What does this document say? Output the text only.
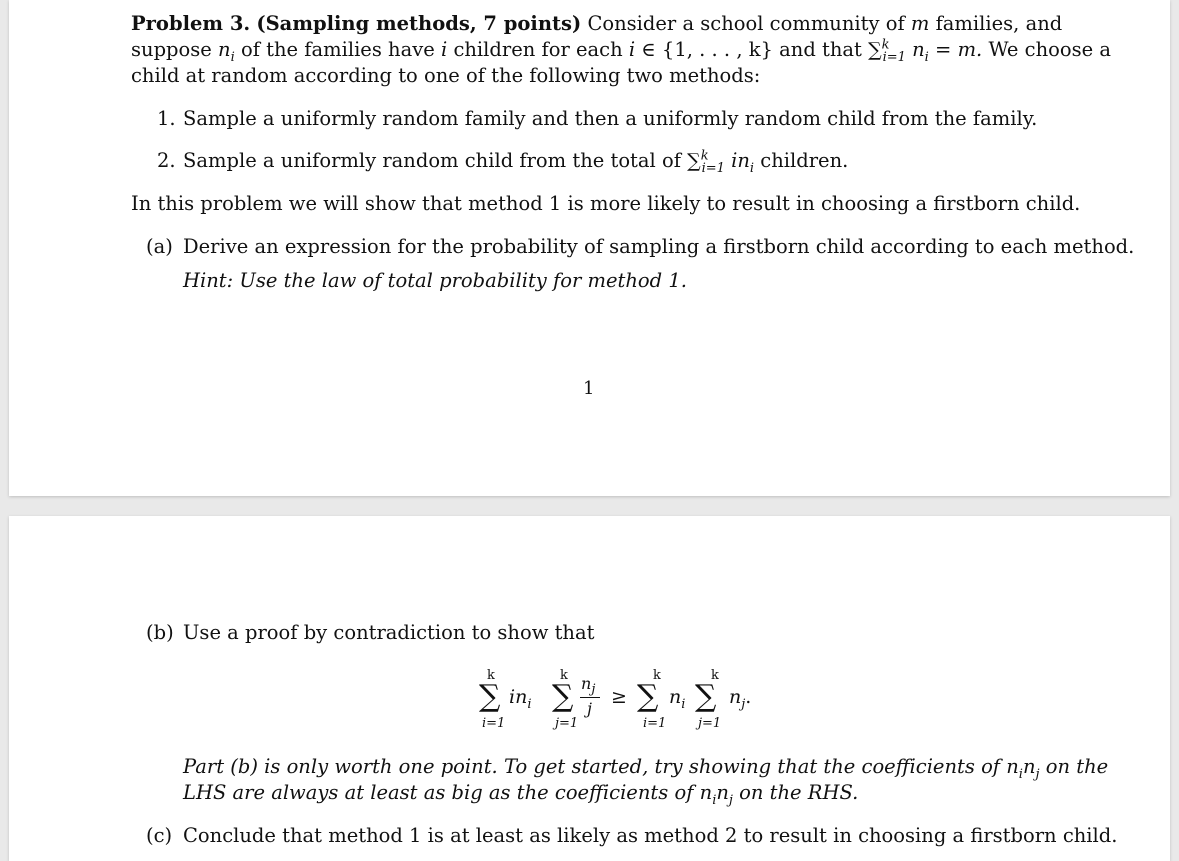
Problem 3. (Sampling methods, 7 points) Consider a school community of m families, and
suppose $n_i$ of the families have i children for each i ∈ {1, . . . , k} and that ∑$^k_{i=1}$ $n_i = m$. We choose a
child at random according to one of the following two methods:
1. Sample a uniformly random family and then a uniformly random child from the family.
2. Sample a uniformly random child from the total of ∑$^k_{i=1}$ $in_i$ children.
In this problem we will show that method 1 is more likely to result in choosing a firstborn child.
(a) Derive an expression for the probability of sampling a firstborn child according to each method.
Hint: Use the law of total probability for method 1.
1
(b) Use a proof by contradiction to show that
k
∑
i=1
$in_i$
k
∑
j=1
$n_j$
j
≥
k
∑
i=1
$n_i$
k
∑
j=1
$n_j$.
Part (b) is only worth one point. To get started, try showing that the coefficients of $n_in_j$ on the
LHS are always at least as big as the coefficients of $n_in_j$ on the RHS.
(c) Conclude that method 1 is at least as likely as method 2 to result in choosing a firstborn child.
